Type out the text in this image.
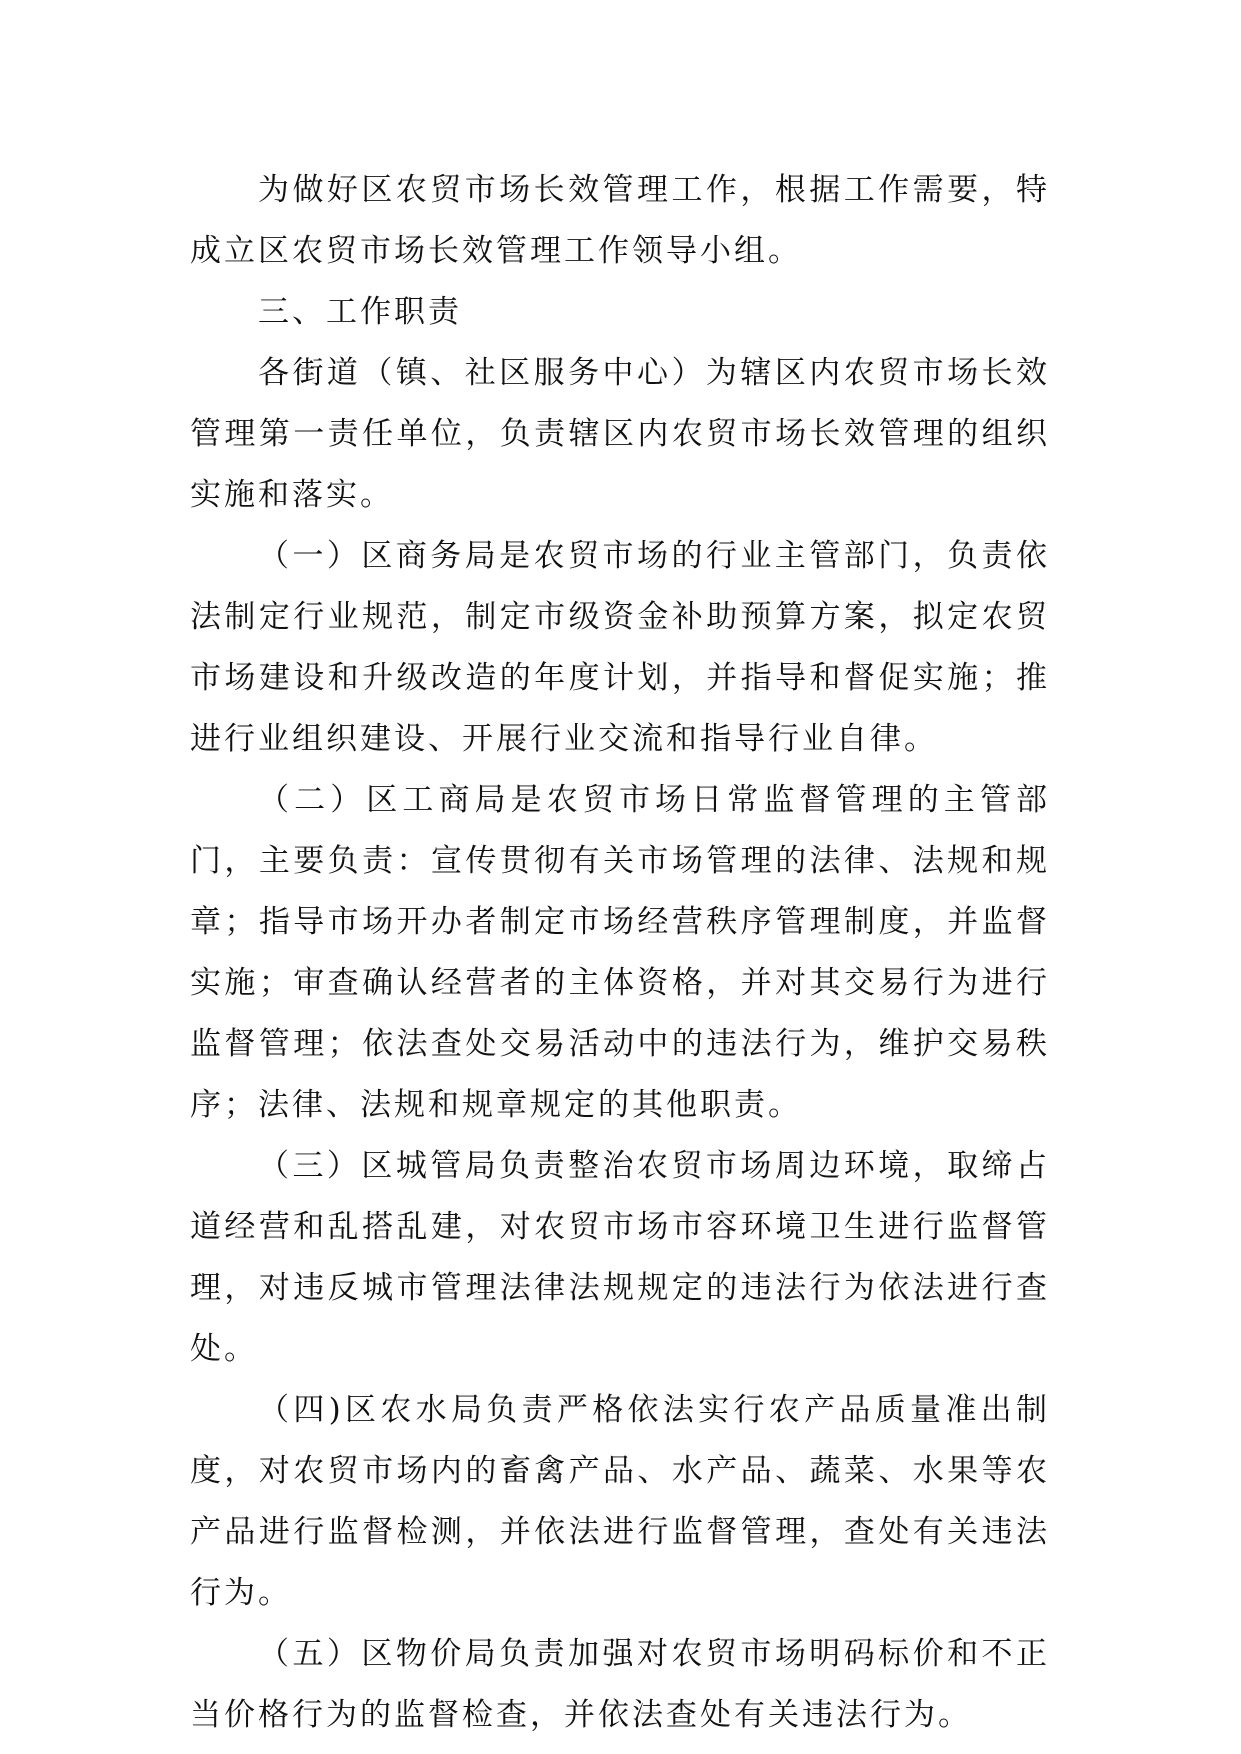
为做好区农贸市场长效管理工作，根据工作需要，特成立区农贸市场长效管理工作领导小组。

三、工作职责

各街道（镇、社区服务中心）为辖区内农贸市场长效管理第一责任单位，负责辖区内农贸市场长效管理的组织实施和落实。

（一）区商务局是农贸市场的行业主管部门，负责依法制定行业规范，制定市级资金补助预算方案，拟定农贸市场建设和升级改造的年度计划，并指导和督促实施；推进行业组织建设、开展行业交流和指导行业自律。

（二）区工商局是农贸市场日常监督管理的主管部门，主要负责：宣传贯彻有关市场管理的法律、法规和规章；指导市场开办者制定市场经营秩序管理制度，并监督实施；审查确认经营者的主体资格，并对其交易行为进行监督管理；依法查处交易活动中的违法行为，维护交易秩序；法律、法规和规章规定的其他职责。

（三）区城管局负责整治农贸市场周边环境，取缔占道经营和乱搭乱建，对农贸市场市容环境卫生进行监督管理，对违反城市管理法律法规规定的违法行为依法进行查处。

（四)区农水局负责严格依法实行农产品质量准出制度，对农贸市场内的畜禽产品、水产品、蔬菜、水果等农产品进行监督检测，并依法进行监督管理，查处有关违法行为。

（五）区物价局负责加强对农贸市场明码标价和不正当价格行为的监督检查，并依法查处有关违法行为。
